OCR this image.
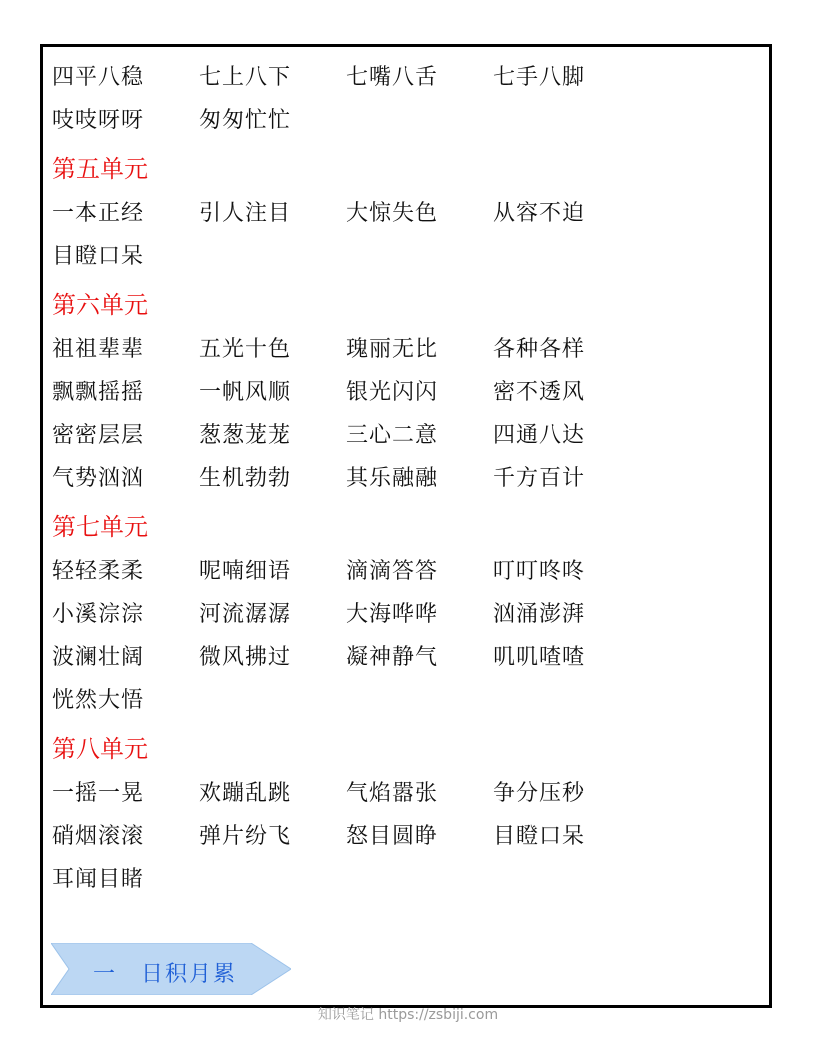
四平八稳	七上八下	七嘴八舌	七手八脚
吱吱呀呀	匆匆忙忙
第五单元
一本正经	引人注目	大惊失色	从容不迫
目瞪口呆
第六单元
祖祖辈辈	五光十色	瑰丽无比	各种各样
飘飘摇摇	一帆风顺	银光闪闪	密不透风
密密层层	葱葱茏茏	三心二意	四通八达
气势汹汹	生机勃勃	其乐融融	千方百计
第七单元
轻轻柔柔	呢喃细语	滴滴答答	叮叮咚咚
小溪淙淙	河流潺潺	大海哗哗	汹涌澎湃
波澜壮阔	微风拂过	凝神静气	叽叽喳喳
恍然大悟
第八单元
一摇一晃	欢蹦乱跳	气焰嚣张	争分压秒
硝烟滚滚	弹片纷飞	怒目圆睁	目瞪口呆
耳闻目睹
一　日积月累
知识笔记 https://zsbiji.com
